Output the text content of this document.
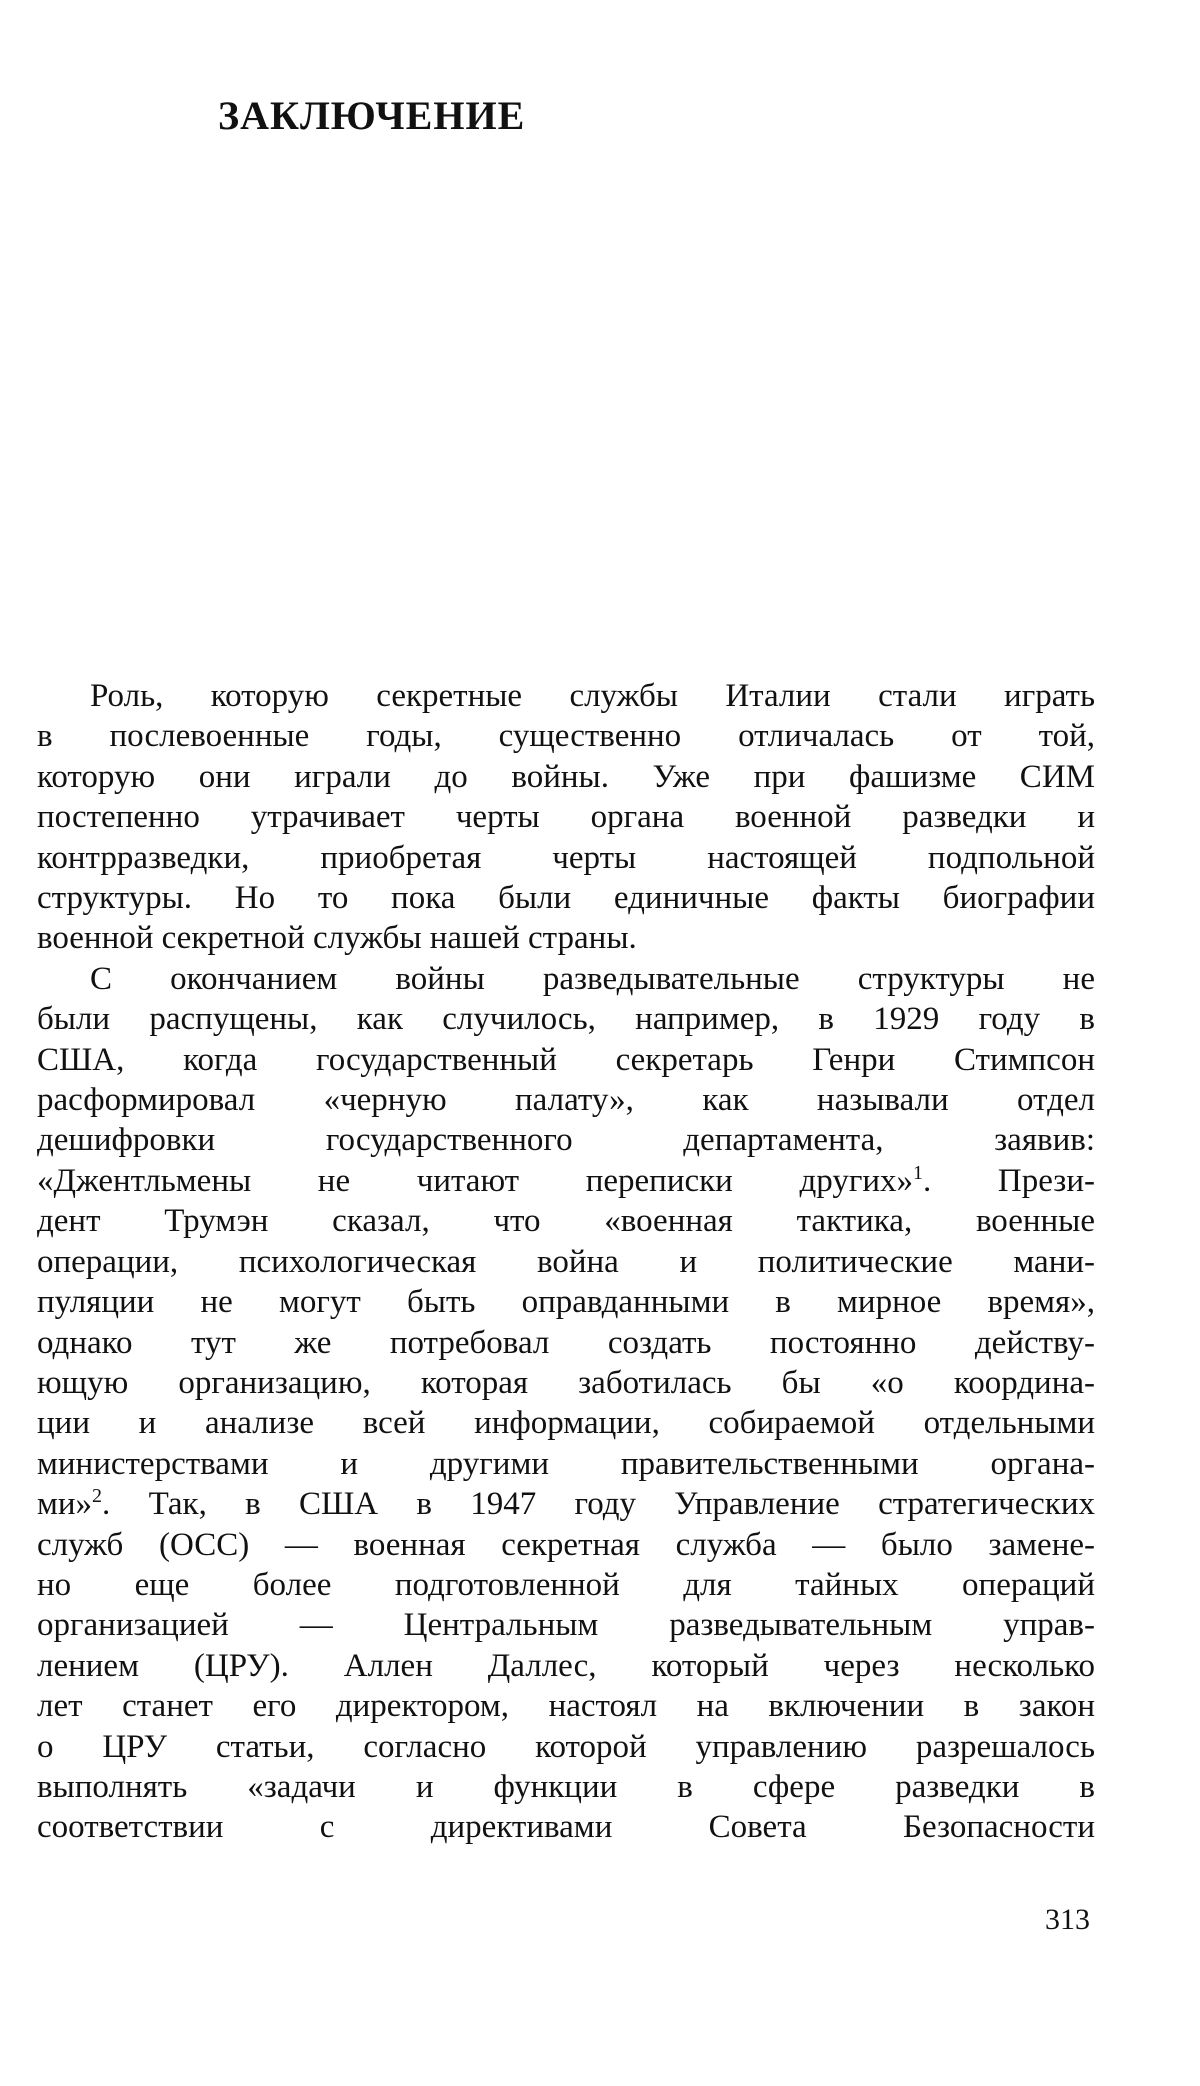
ЗАКЛЮЧЕНИЕ

Роль, которую секретные службы Италии стали играть
в послевоенные годы, существенно отличалась от той,
которую они играли до войны. Уже при фашизме СИМ
постепенно утрачивает черты органа военной разведки и
контрразведки, приобретая черты настоящей подпольной
структуры. Но то пока были единичные факты биографии
военной секретной службы нашей страны.

С окончанием войны разведывательные структуры не
были распущены, как случилось, например, в 1929 году в
США, когда государственный секретарь Генри Стимпсон
расформировал «черную палату», как называли отдел
дешифровки государственного департамента, заявив:
«Джентльмены не читают переписки других»$^1$. Прези-
дент Трумэн сказал, что «военная тактика, военные
операции, психологическая война и политические мани-
пуляции не могут быть оправданными в мирное время»,
однако тут же потребовал создать постоянно действу-
ющую организацию, которая заботилась бы «о координа-
ции и анализе всей информации, собираемой отдельными
министерствами и другими правительственными органа-
ми»$^2$. Так, в США в 1947 году Управление стратегических
служб (ОСС) — военная секретная служба — было замене-
но еще более подготовленной для тайных операций
организацией — Центральным разведывательным управ-
лением (ЦРУ). Аллен Даллес, который через несколько
лет станет его директором, настоял на включении в закон
о ЦРУ статьи, согласно которой управлению разрешалось
выполнять «задачи и функции в сфере разведки в
соответствии с директивами Совета Безопасности

313
